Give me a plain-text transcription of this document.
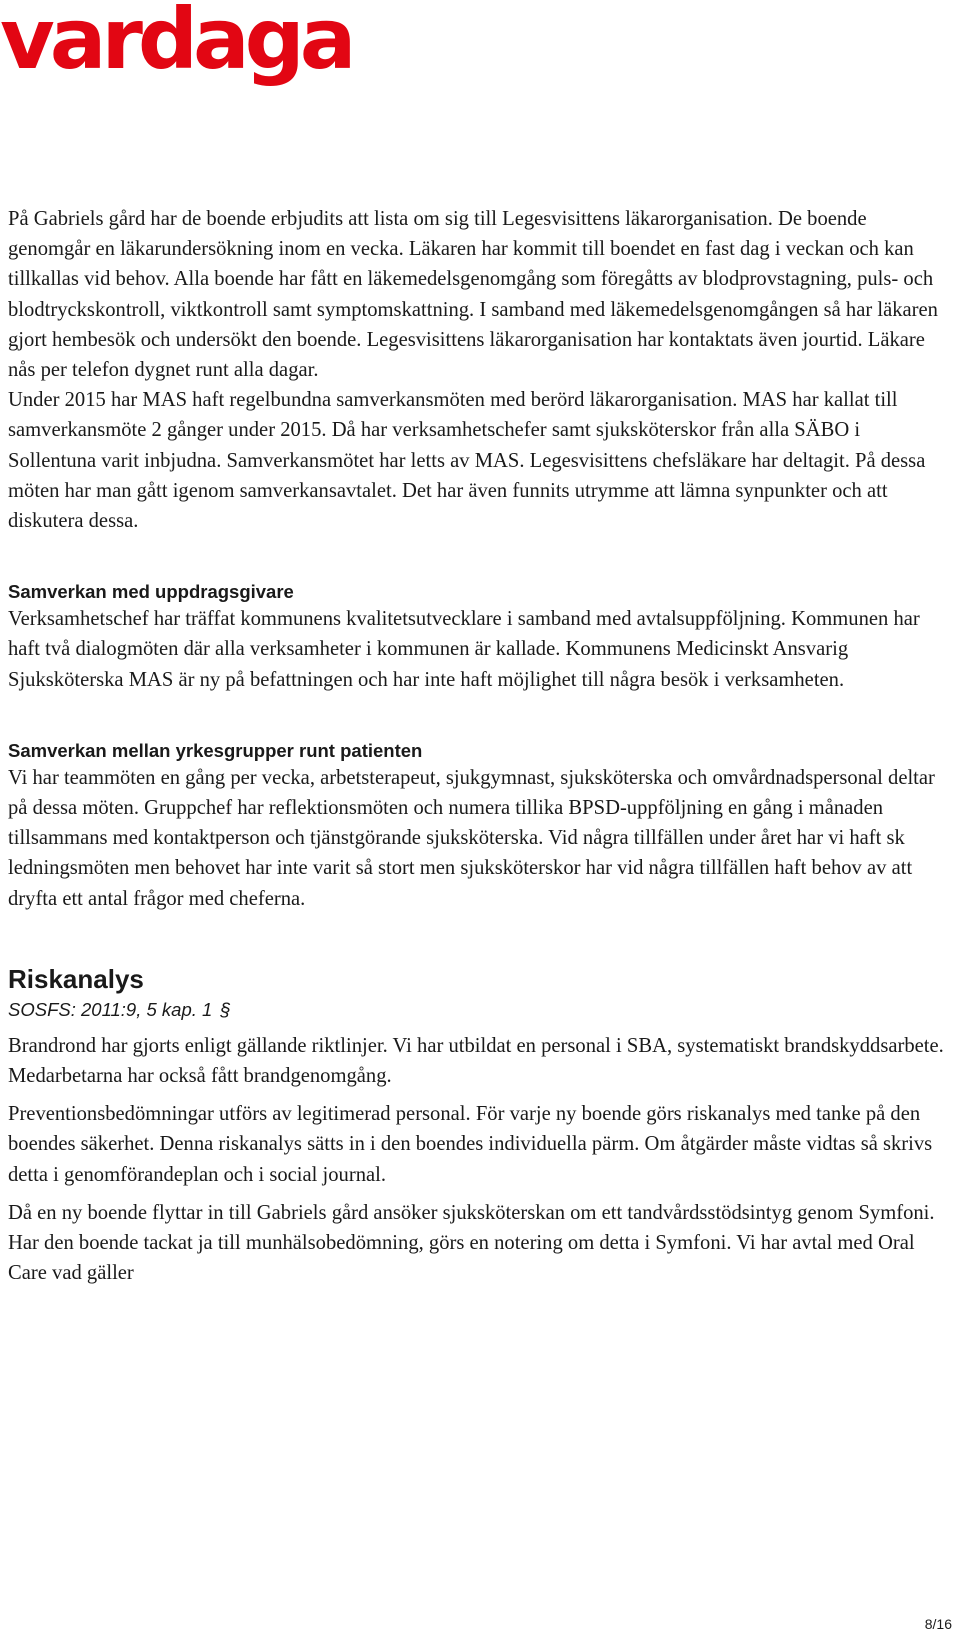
vardaga

På Gabriels gård har de boende erbjudits att lista om sig till Legesvisittens läkarorganisation. De boende genomgår en läkarundersökning inom en vecka. Läkaren har kommit till boendet en fast dag i veckan och kan tillkallas vid behov. Alla boende har fått en läkemedelsgenomgång som föregåtts av blodprovstagning, puls- och blodtryckskontroll, viktkontroll samt symptomskattning. I samband med läkemedelsgenomgången så har läkaren gjort hembesök och undersökt den boende. Legesvisittens läkarorganisation har kontaktats även jourtid. Läkare nås per telefon dygnet runt alla dagar.

Under 2015 har MAS haft regelbundna samverkansmöten med berörd läkarorganisation. MAS har kallat till samverkansmöte 2 gånger under 2015. Då har verksamhetschefer samt sjuksköterskor från alla SÄBO i Sollentuna varit inbjudna. Samverkansmötet har letts av MAS. Legesvisittens chefsläkare har deltagit. På dessa möten har man gått igenom samverkansavtalet. Det har även funnits utrymme att lämna synpunkter och att diskutera dessa.

Samverkan med uppdragsgivare

Verksamhetschef har träffat kommunens kvalitetsutvecklare i samband med avtalsuppföljning. Kommunen har haft två dialogmöten där alla verksamheter i kommunen är kallade. Kommunens Medicinskt Ansvarig Sjuksköterska MAS är ny på befattningen och har inte haft möjlighet till några besök i verksamheten.

Samverkan mellan yrkesgrupper runt patienten

Vi har teammöten en gång per vecka, arbetsterapeut, sjukgymnast, sjuksköterska och omvårdnadspersonal deltar på dessa möten. Gruppchef har reflektionsmöten och numera tillika BPSD-uppföljning en gång i månaden tillsammans med kontaktperson och tjänstgörande sjuksköterska. Vid några tillfällen under året har vi haft sk ledningsmöten men behovet har inte varit så stort men sjuksköterskor har vid några tillfällen haft behov av att dryfta ett antal frågor med cheferna.

Riskanalys

SOSFS: 2011:9, 5 kap. 1 §

Brandrond har gjorts enligt gällande riktlinjer. Vi har utbildat en personal i SBA, systematiskt brandskyddsarbete. Medarbetarna har också fått brandgenomgång.

Preventionsbedömningar utförs av legitimerad personal. För varje ny boende görs riskanalys med tanke på den boendes säkerhet. Denna riskanalys sätts in i den boendes individuella pärm. Om åtgärder måste vidtas så skrivs detta i genomförandeplan och i social journal.

Då en ny boende flyttar in till Gabriels gård ansöker sjuksköterskan om ett tandvårdsstödsintyg genom Symfoni. Har den boende tackat ja till munhälsobedömning, görs en notering om detta i Symfoni. Vi har avtal med Oral Care vad gäller

8/16
